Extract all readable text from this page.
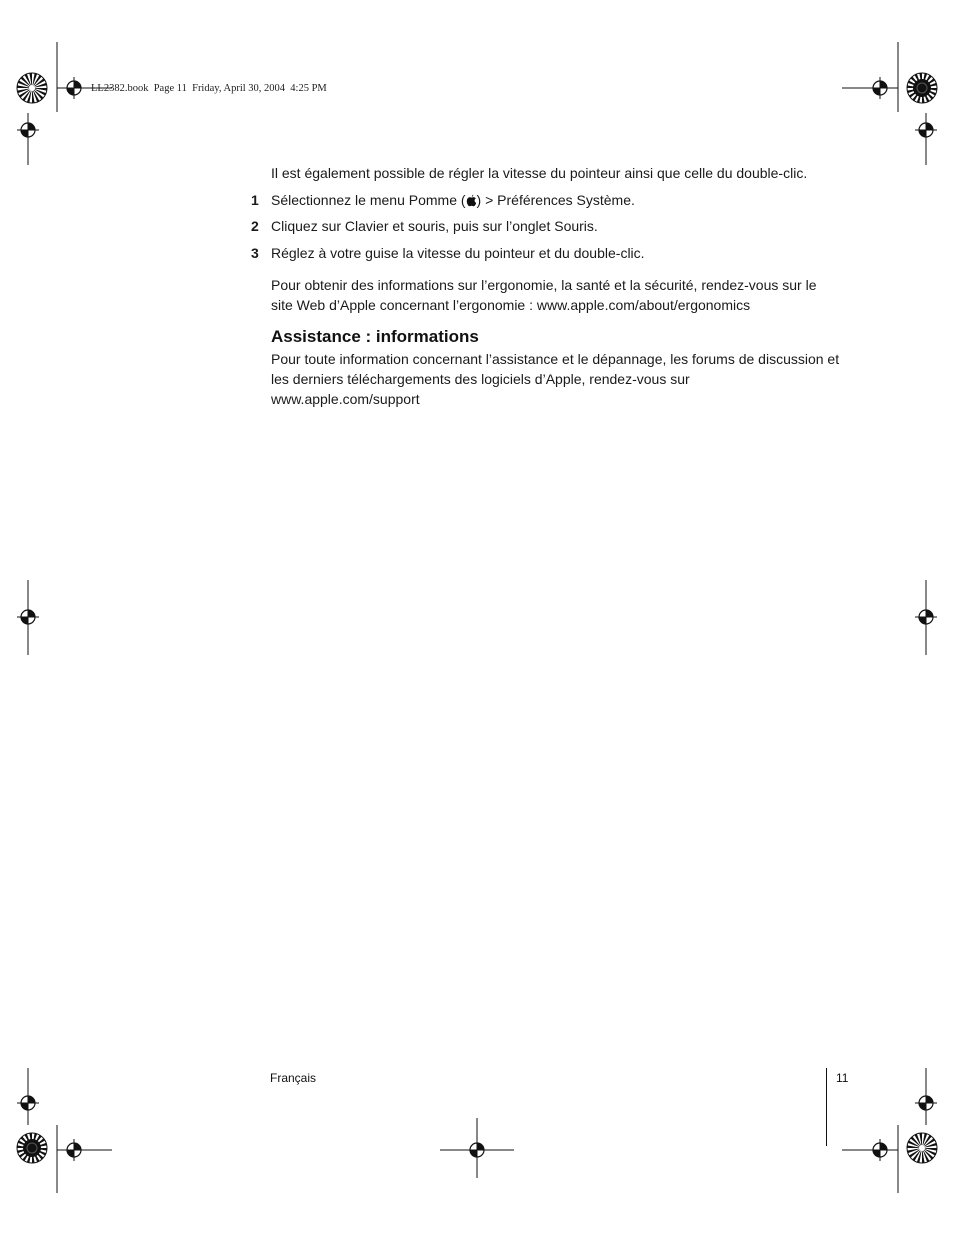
LL2382.book  Page 11  Friday, April 30, 2004  4:25 PM
Il est également possible de régler la vitesse du pointeur ainsi que celle du double-clic.
1 Sélectionnez le menu Pomme ( ) > Préférences Système.
2 Cliquez sur Clavier et souris, puis sur l’onglet Souris.
3 Réglez à votre guise la vitesse du pointeur et du double-clic.
Pour obtenir des informations sur l’ergonomie, la santé et la sécurité, rendez-vous sur le site Web d’Apple concernant l’ergonomie : www.apple.com/about/ergonomics
Assistance : informations
Pour toute information concernant l’assistance et le dépannage, les forums de discussion et les derniers téléchargements des logiciels d’Apple, rendez-vous sur www.apple.com/support
Français	11
